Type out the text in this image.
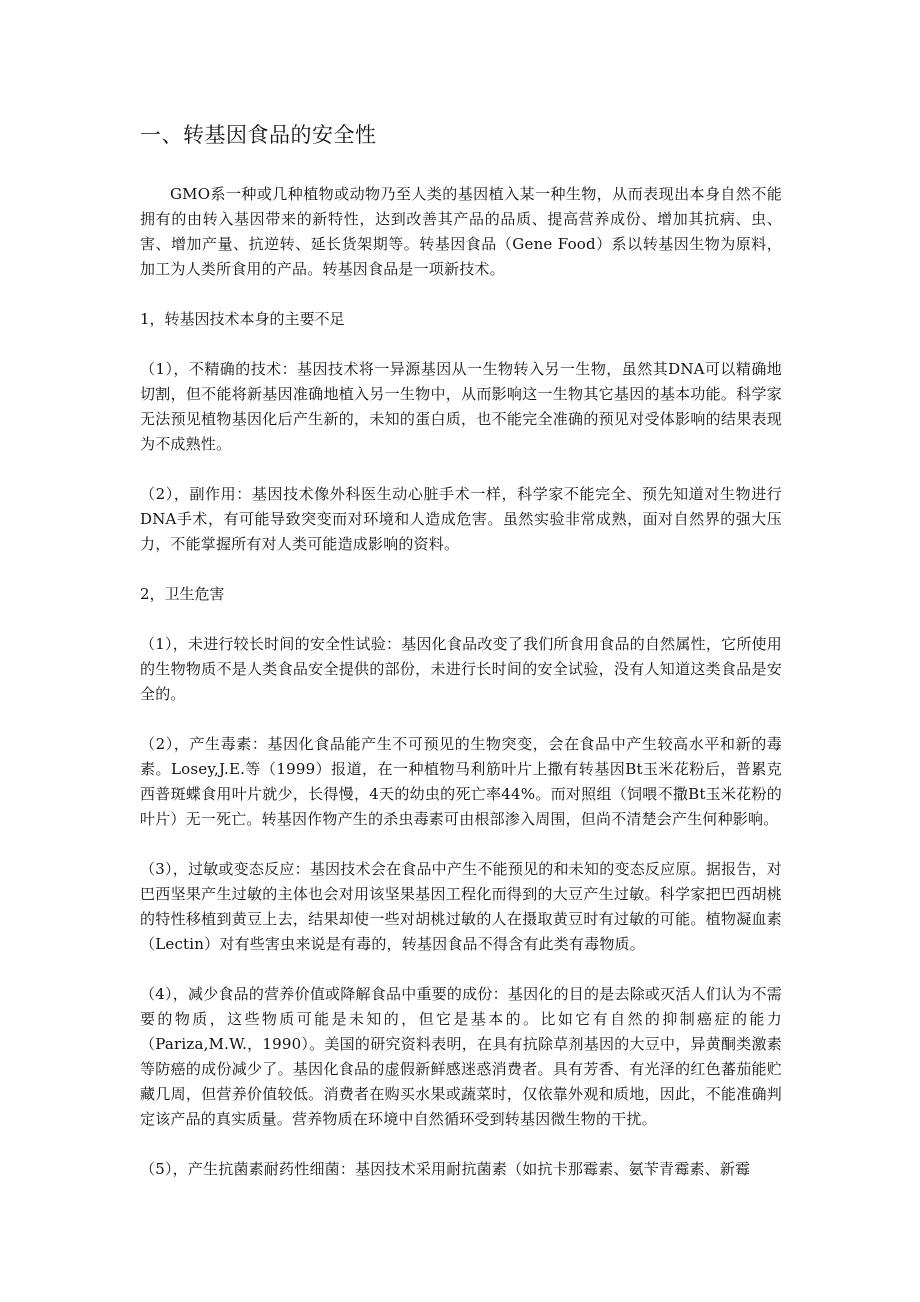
一、转基因食品的安全性

GMO系一种或几种植物或动物乃至人类的基因植入某一种生物，从而表现出本身自然不能拥有的由转入基因带来的新特性，达到改善其产品的品质、提高营养成份、增加其抗病、虫、害、增加产量、抗逆转、延长货架期等。转基因食品（Gene Food）系以转基因生物为原料，加工为人类所食用的产品。转基因食品是一项新技术。

1，转基因技术本身的主要不足

（1），不精确的技术：基因技术将一异源基因从一生物转入另一生物，虽然其DNA可以精确地切割，但不能将新基因准确地植入另一生物中，从而影响这一生物其它基因的基本功能。科学家无法预见植物基因化后产生新的，未知的蛋白质，也不能完全准确的预见对受体影响的结果表现为不成熟性。

（2），副作用：基因技术像外科医生动心脏手术一样，科学家不能完全、预先知道对生物进行DNA手术，有可能导致突变而对环境和人造成危害。虽然实验非常成熟，面对自然界的强大压力，不能掌握所有对人类可能造成影响的资料。

2，卫生危害

（1），未进行较长时间的安全性试验：基因化食品改变了我们所食用食品的自然属性，它所使用的生物物质不是人类食品安全提供的部份，未进行长时间的安全试验，没有人知道这类食品是安全的。

（2），产生毒素：基因化食品能产生不可预见的生物突变，会在食品中产生较高水平和新的毒素。Losey,J.E.等（1999）报道，在一种植物马利筋叶片上撒有转基因Bt玉米花粉后，普累克西普斑蝶食用叶片就少，长得慢，4天的幼虫的死亡率44%。而对照组（饲喂不撒Bt玉米花粉的叶片）无一死亡。转基因作物产生的杀虫毒素可由根部渗入周围，但尚不清楚会产生何种影响。

（3），过敏或变态反应：基因技术会在食品中产生不能预见的和未知的变态反应原。据报告，对巴西坚果产生过敏的主体也会对用该坚果基因工程化而得到的大豆产生过敏。科学家把巴西胡桃的特性移植到黄豆上去，结果却使一些对胡桃过敏的人在摄取黄豆时有过敏的可能。植物凝血素（Lectin）对有些害虫来说是有毒的，转基因食品不得含有此类有毒物质。

（4），减少食品的营养价值或降解食品中重要的成份：基因化的目的是去除或灭活人们认为不需要的物质，这些物质可能是未知的，但它是基本的。比如它有自然的抑制癌症的能力（Pariza,M.W.，1990）。美国的研究资料表明，在具有抗除草剂基因的大豆中，异黄酮类激素等防癌的成份减少了。基因化食品的虚假新鲜感迷惑消费者。具有芳香、有光泽的红色蕃茄能贮藏几周，但营养价值较低。消费者在购买水果或蔬菜时，仅依靠外观和质地，因此，不能准确判定该产品的真实质量。营养物质在环境中自然循环受到转基因微生物的干扰。

（5），产生抗菌素耐药性细菌：基因技术采用耐抗菌素（如抗卡那霉素、氨苄青霉素、新霉
